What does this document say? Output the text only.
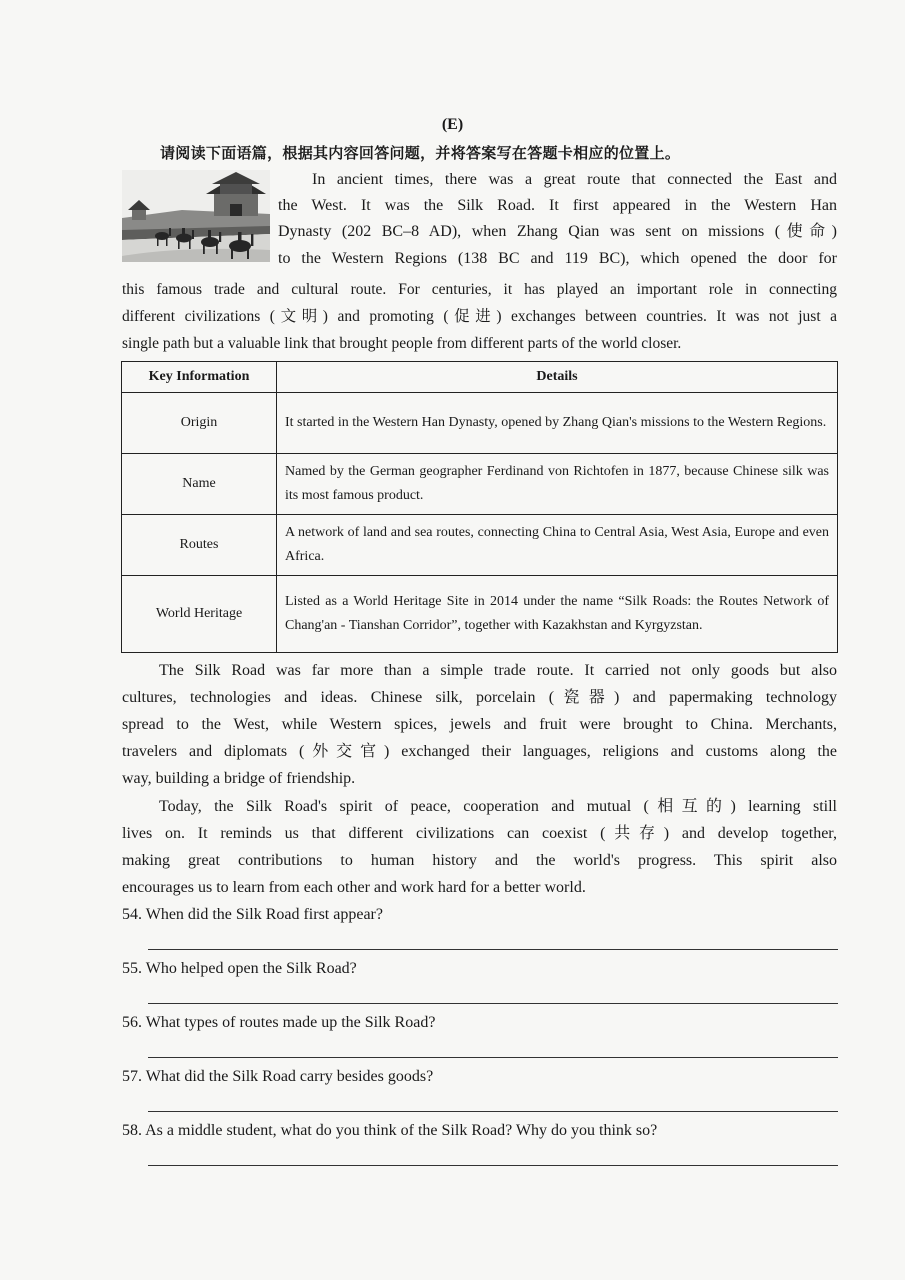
(E)
请阅读下面语篇，根据其内容回答问题，并将答案写在答题卡相应的位置上。
In ancient times, there was a great route that connected the East and
the West. It was the Silk Road. It first appeared in the Western Han
Dynasty (202 BC–8 AD), when Zhang Qian was sent on missions (使命)
to the Western Regions (138 BC and 119 BC), which opened the door for
this famous trade and cultural route. For centuries, it has played an important role in connecting
different civilizations (文明) and promoting (促进) exchanges between countries. It was not just a
single path but a valuable link that brought people from different parts of the world closer.
Key Information	Details
Origin	It started in the Western Han Dynasty, opened by Zhang Qian's missions to the Western Regions.
Name	Named by the German geographer Ferdinand von Richtofen in 1877, because Chinese silk was its most famous product.
Routes	A network of land and sea routes, connecting China to Central Asia, West Asia, Europe and even Africa.
World Heritage	Listed as a World Heritage Site in 2014 under the name “Silk Roads: the Routes Network of Chang'an - Tianshan Corridor”, together with Kazakhstan and Kyrgyzstan.
The Silk Road was far more than a simple trade route. It carried not only goods but also
cultures, technologies and ideas. Chinese silk, porcelain (瓷器) and papermaking technology
spread to the West, while Western spices, jewels and fruit were brought to China. Merchants,
travelers and diplomats (外交官) exchanged their languages, religions and customs along the
way, building a bridge of friendship.
Today, the Silk Road's spirit of peace, cooperation and mutual (相互的) learning still
lives on. It reminds us that different civilizations can coexist (共存) and develop together,
making great contributions to human history and the world's progress. This spirit also
encourages us to learn from each other and work hard for a better world.
54. When did the Silk Road first appear?
55. Who helped open the Silk Road?
56. What types of routes made up the Silk Road?
57. What did the Silk Road carry besides goods?
58. As a middle student, what do you think of the Silk Road? Why do you think so?
